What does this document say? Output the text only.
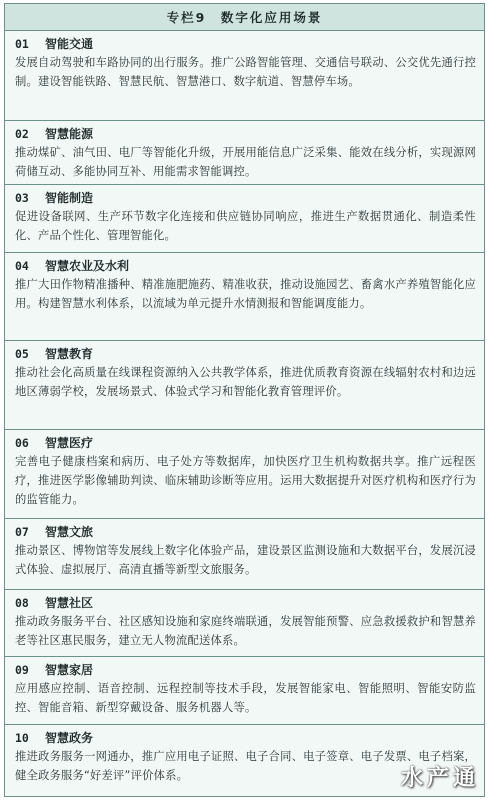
专栏9　数字化应用场景
01	智能交通
发展自动驾驶和车路协同的出行服务。推广公路智能管理、交通信号联动、公交优先通行控制。建设智能铁路、智慧民航、智慧港口、数字航道、智慧停车场。
02	智慧能源
推动煤矿、油气田、电厂等智能化升级，开展用能信息广泛采集、能效在线分析，实现源网荷储互动、多能协同互补、用能需求智能调控。
03	智能制造
促进设备联网、生产环节数字化连接和供应链协同响应，推进生产数据贯通化、制造柔性化、产品个性化、管理智能化。
04	智慧农业及水利
推广大田作物精准播种、精准施肥施药、精准收获，推动设施园艺、畜禽水产养殖智能化应用。构建智慧水利体系，以流域为单元提升水情测报和智能调度能力。
05	智慧教育
推动社会化高质量在线课程资源纳入公共教学体系，推进优质教育资源在线辐射农村和边远地区薄弱学校，发展场景式、体验式学习和智能化教育管理评价。
06	智慧医疗
完善电子健康档案和病历、电子处方等数据库，加快医疗卫生机构数据共享。推广远程医疗，推进医学影像辅助判读、临床辅助诊断等应用。运用大数据提升对医疗机构和医疗行为的监管能力。
07	智慧文旅
推动景区、博物馆等发展线上数字化体验产品，建设景区监测设施和大数据平台，发展沉浸式体验、虚拟展厅、高清直播等新型文旅服务。
08	智慧社区
推动政务服务平台、社区感知设施和家庭终端联通，发展智能预警、应急救援救护和智慧养老等社区惠民服务，建立无人物流配送体系。
09	智慧家居
应用感应控制、语音控制、远程控制等技术手段，发展智能家电、智能照明、智能安防监控、智能音箱、新型穿戴设备、服务机器人等。
10	智慧政务
推进政务服务一网通办，推广应用电子证照、电子合同、电子签章、电子发票、电子档案，健全政务服务“好差评”评价体系。	水产通
